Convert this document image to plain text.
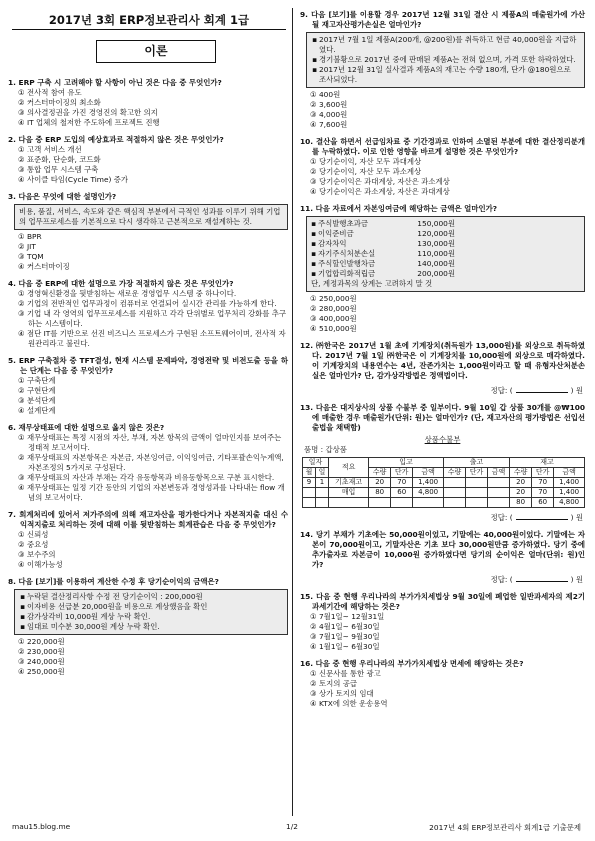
2017년 3회 ERP정보관리사 회계 1급
이론
1. ERP 구축 시 고려해야 할 사항이 아닌 것은 다음 중 무엇인가?
① 전사적 참여 유도
② 커스터마이징의 최소화
③ 의사결정권을 가진 경영진의 확고한 의지
④ IT 업체의 철저한 주도하에 프로젝트 진행
2. 다음 중 ERP 도입의 예상효과로 적절하지 않은 것은 무엇인가?
① 고객 서비스 개선
② 표준화, 단순화, 코드화
③ 통합 업무 시스템 구축
④ 사이클 타임(Cycle Time) 증가
3. 다음은 무엇에 대한 설명인가?
비용, 품질, 서비스, 속도와 같은 핵심적 부분에서 극적인 성과를 이루기 위해 기업의 업무프로세스를 기본적으로 다시 생각하고 근본적으로 재설계하는 것.
① BPR
② JIT
③ TQM
④ 커스터마이징
4. 다음 중 ERP에 대한 설명으로 가장 적절하지 않은 것은 무엇인가?
① 경영혁신환경을 뒷받침하는 새로운 경영업무 시스템 중 하나이다.
② 기업의 전반적인 업무과정이 컴퓨터로 연결되어 실시간 관리를 가능하게 한다.
③ 기업 내 각 영역의 업무프로세스를 지원하고 각각 단위별로 업무처리 강화를 추구하는 시스템이다.
④ 점단 IT를 기반으로 선진 비즈니스 프로세스가 구현된 소프트웨어이며, 전사적 자원관리라고 불린다.
5. ERP 구축절차 중 TFT결성, 현재 시스템 문제파악, 경영전략 및 비전도출 등을 하는 단계는 다음 중 무엇인가?
① 구축단계
② 구현단계
③ 분석단계
④ 설계단계
6. 재무상태표에 대한 설명으로 옳지 않은 것은?
① 재무상태표는 특정 시점의 자산, 부채, 자본 항목의 금액이 얼마인지를 보여주는 정태적 보고서이다.
② 재무상태표의 자본항목은 자본금, 자본잉여금, 이익잉여금, 기타포괄손익누계액, 자본조정의 5가지로 구성된다.
③ 재무상태표의 자산과 부채는 각각 유동항목과 비유동항목으로 구분 표시한다.
④ 재무상태표는 일정 기간 동안의 기업의 자본변동과 경영성과를 나타내는 flow 개념의 보고서이다.
7. 회계처리에 있어서 저가주의에 의해 재고자산을 평가한다거나 자본적지출 대신 수익적지출로 처리하는 것에 대해 이를 뒷받침하는 회계관습은 다음 중 무엇인가?
① 신뢰성
② 중요성
③ 보수주의
④ 이해가능성
8. 다음 [보기]를 이용하여 계산한 수정 후 당기순이익의 금액은?
▪ 누락된 결산정리사항 수정 전 당기순이익 : 200,000원
▪ 이자비용 선급분 20,000원을 비용으로 계상했음을 확인
▪ 감가상각비 10,000원 계상 누락 확인.
▪ 임대료 미수분 30,000원 계상 누락 확인.
① 220,000원
② 230,000원
③ 240,000원
④ 250,000원
9. 다음 [보기]를 이용할 경우 2017년 12월 31일 결산 시 제품A의 매출원가에 가산될 재고자산평가손실은 얼마인가?
▪ 2017년 7월 1일 제품A(200개, @200원)를 취득하고 현금 40,000원을 지급하였다.
▪ 경기불황으로 2017년 중에 판매된 제품A는 전혀 없으며, 가격 또한 하락하였다.
▪ 2017년 12월 31일 실사결과 제품A의 재고는 수량 180개, 단가 @180원으로 조사되었다.
① 400원
② 3,600원
③ 4,000원
④ 7,600원
10. 결산을 하면서 선급임차료 중 기간경과로 인하여 소멸된 부분에 대한 결산정리분개를 누락하였다. 이로 인한 영향을 바르게 설명한 것은 무엇인가?
① 당기순이익, 자산 모두 과대계상
② 당기순이익, 자산 모두 과소계상
③ 당기순이익은 과대계상, 자산은 과소계상
④ 당기순이익은 과소계상, 자산은 과대계상
11. 다음 자료에서 자본잉여금에 해당하는 금액은 얼마인가?
▪ 주식발행초과금	150,000원
▪ 이익준비금	120,000원
▪ 감자차익	130,000원
▪ 자기주식처분손실	110,000원
▪ 주식할인발행차금	140,000원
▪ 기업합리화적립금	200,000원
단, 계정과목의 상계는 고려하지 말 것
① 250,000원
② 280,000원
③ 400,000원
④ 510,000원
12. ㈜한국은 2017년 1월 초에 기계장치(취득원가 13,000원)를 외상으로 취득하였다. 2017년 7월 1일 ㈜한국은 이 기계장치를 10,000원에 외상으로 매각하였다. 이 기계장치의 내용연수는 4년, 잔존가치는 1,000원이라고 할 때 유형자산처분손실은 얼마인가? 단, 감가상각방법은 정액법이다.
정답: (	) 원
13. 다음은 대지상사의 상품 수불부 중 일부이다. 9월 10일 갑 상품 30개를 @₩100에 매출한 경우 매출원가(단위: 원)는 얼마인가? (단, 재고자산의 평가방법은 선입선출법을 채택함)
상품수불부
품명 : 갑상품
일자		적요	입고			출고			재고		
월	일		수량	단가	금액	수량	단가	금액	수량	단가	금액
9	1	기초재고	20	70	1,400				20	70	1,400
		매입	80	60	4,800				20	70	1,400
									80	60	4,800
정답: (	) 원
14. 당기 부채가 기초에는 50,000원이었고, 기말에는 40,000원이었다. 기말에는 자본이 70,000원이고, 기말자산은 기초 보다 30,000원만큼 증가하였다. 당기 중에 추가출자로 자본금이 10,000원 증가하였다면 당기의 순이익은 얼마(단위: 원)인가?
정답: (	) 원
15. 다음 중 현행 우리나라의 부가가치세법상 9월 30일에 폐업한 일반과세자의 제2기 과세기간에 해당하는 것은?
① 7월1일~ 12월31일
② 4월1일~ 6월30일
③ 7월1일~ 9월30일
④ 1월1일~ 6월30일
16. 다음 중 현행 우리나라의 부가가치세법상 면세에 해당하는 것은?
① 신문사를 통한 광고
② 토지의 공급
③ 상가 토지의 임대
④ KTX에 의한 운송용역
mau15.blog.me	1/2	2017년 4회 ERP정보관리사 회계1급 기출문제
